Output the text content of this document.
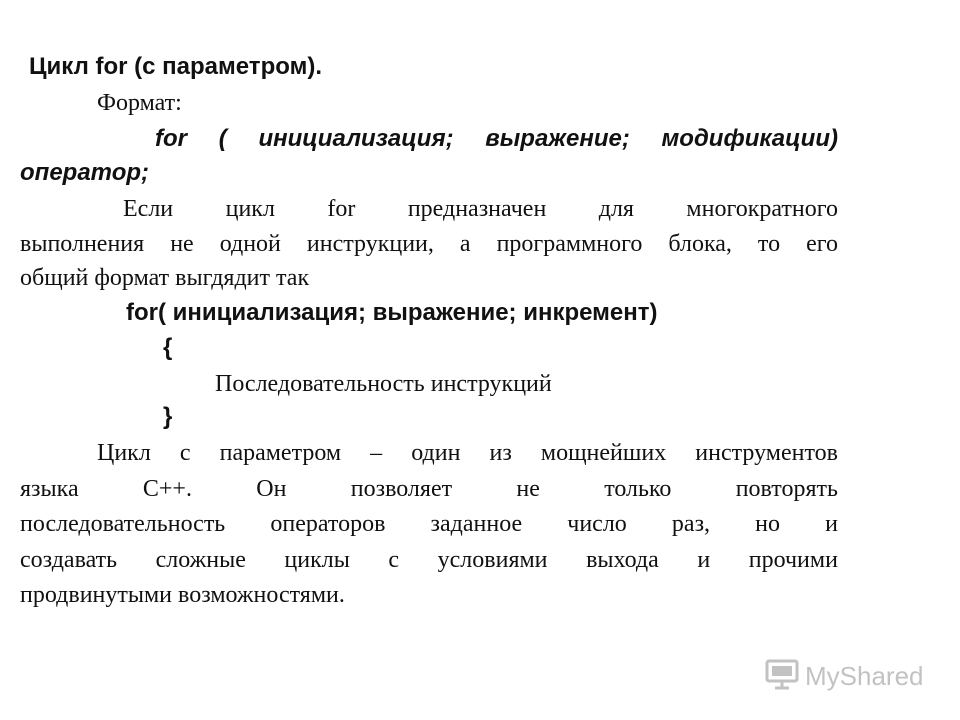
Цикл for (с параметром).
Формат:
for ( инициализация; выражение; модификации)
оператор;
Если цикл for предназначен для многократного
выполнения не одной инструкции, а программного блока, то его
общий формат выгдядит так
for( инициализация; выражение; инкремент)
{
Последовательность инструкций
}
Цикл с параметром – один из мощнейших инструментов
языка	С++.	Он	позволяет	не	только	повторять
последовательность операторов заданное число раз, но и
создавать сложные циклы с условиями выхода и прочими
продвинутыми возможностями.
MyShared
